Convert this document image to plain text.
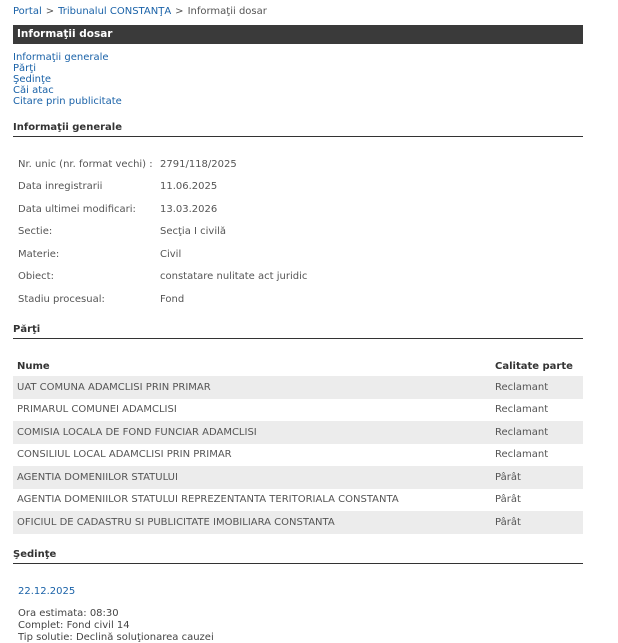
Portal > Tribunalul CONSTANŢA > Informaţii dosar
Informaţii dosar
Informaţii generale
Părţi
Şedinţe
Căi atac
Citare prin publicitate
Informaţii generale
Nr. unic (nr. format vechi) : 2791/118/2025
Data inregistrarii	11.06.2025
Data ultimei modificari: 13.03.2026
Sectie:	Secţia I civilă
Materie:	Civil
Obiect:	constatare nulitate act juridic
Stadiu procesual:	Fond
Părţi
Nume	Calitate parte
UAT COMUNA ADAMCLISI PRIN PRIMAR	Reclamant
PRIMARUL COMUNEI ADAMCLISI	Reclamant
COMISIA LOCALA DE FOND FUNCIAR ADAMCLISI	Reclamant
CONSILIUL LOCAL ADAMCLISI PRIN PRIMAR	Reclamant
AGENTIA DOMENIILOR STATULUI	Pârât
AGENTIA DOMENIILOR STATULUI REPREZENTANTA TERITORIALA CONSTANTA	Pârât
OFICIUL DE CADASTRU SI PUBLICITATE IMOBILIARA CONSTANTA	Pârât
Şedinţe
22.12.2025
Ora estimata: 08:30
Complet: Fond civil 14
Tip solutie: Declină soluţionarea cauzei
